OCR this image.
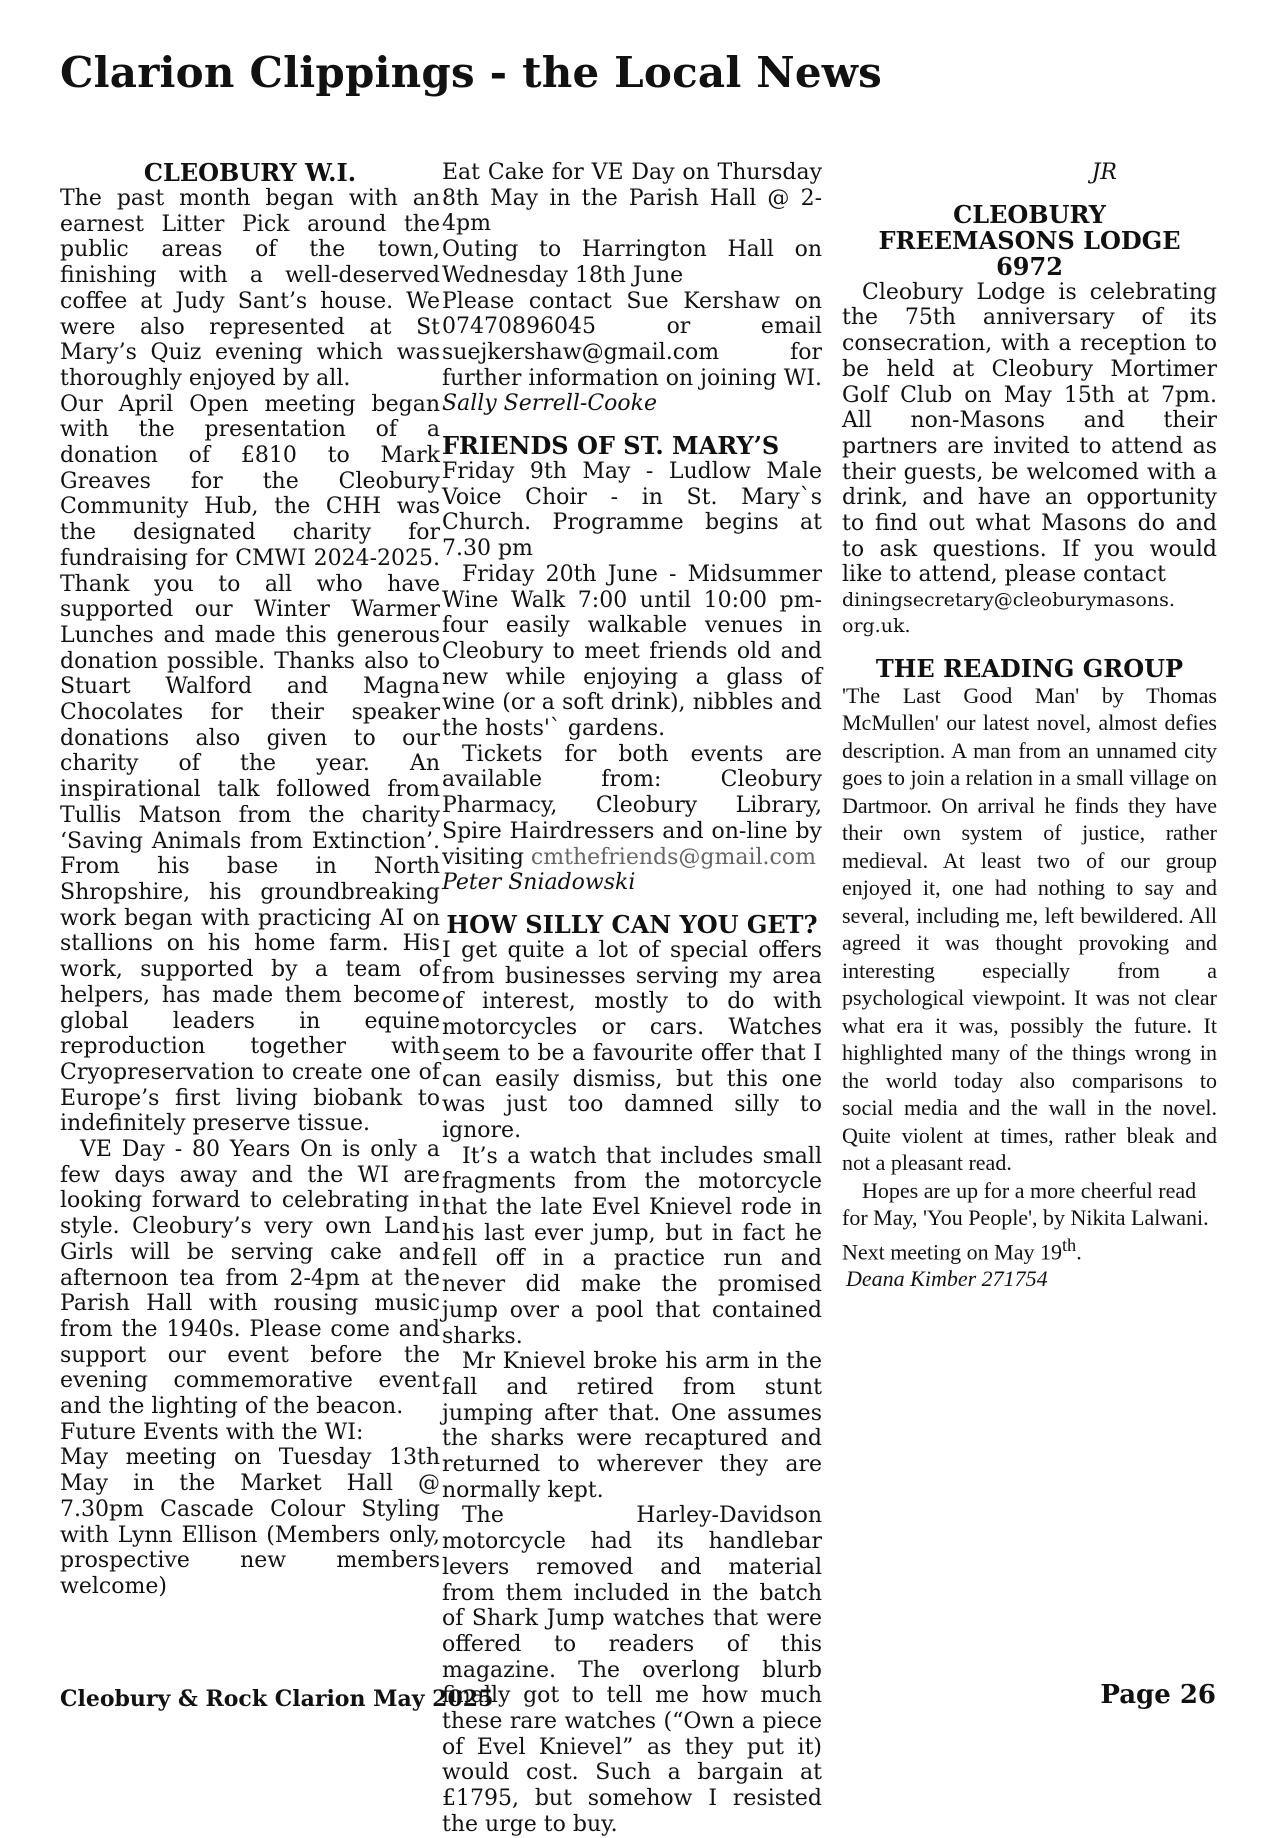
Clarion Clippings - the Local News
CLEOBURY W.I.

The past month began with an earnest Litter Pick around the public areas of the town, finishing with a well-deserved coffee at Judy Sant’s house. We were also represented at St Mary’s Quiz evening which was thoroughly enjoyed by all.

Our April Open meeting began with the presentation of a donation of £810 to Mark Greaves for the Cleobury Community Hub, the CHH was the designated charity for fundraising for CMWI 2024-2025. Thank you to all who have supported our Winter Warmer Lunches and made this generous donation possible. Thanks also to Stuart Walford and Magna Chocolates for their speaker donations also given to our charity of the year. An inspirational talk followed from Tullis Matson from the charity ‘Saving Animals from Extinction’. From his base in North Shropshire, his groundbreaking work began with practicing AI on stallions on his home farm. His work, supported by a team of helpers, has made them become global leaders in equine reproduction together with Cryopreservation to create one of Europe’s first living biobank to indefinitely preserve tissue.

VE Day - 80 Years On is only a few days away and the WI are looking forward to celebrating in style. Cleobury’s very own Land Girls will be serving cake and afternoon tea from 2-4pm at the Parish Hall with rousing music from the 1940s. Please come and support our event before the evening commemorative event and the lighting of the beacon.

Future Events with the WI:

May meeting on Tuesday 13th May in the Market Hall @ 7.30pm Cascade Colour Styling with Lynn Ellison (Members only, prospective new members welcome)

Eat Cake for VE Day on Thursday 8th May in the Parish Hall @ 2-4pm

Outing to Harrington Hall on Wednesday 18th June

Please contact Sue Kershaw on 07470896045 or email suejkershaw@gmail.com for further information on joining WI.

Sally Serrell-Cooke

FRIENDS OF ST. MARY’S

Friday 9th May - Ludlow Male Voice Choir - in St. Mary`s Church. Programme begins at 7.30 pm

Friday 20th June - Midsummer Wine Walk 7:00 until 10:00 pm- four easily walkable venues in Cleobury to meet friends old and new while enjoying a glass of wine (or a soft drink), nibbles and the hosts'` gardens.

Tickets for both events are available from: Cleobury Pharmacy, Cleobury Library, Spire Hairdressers and on-line by visiting cmthefriends@gmail.com

Peter Sniadowski

HOW SILLY CAN YOU GET?

I get quite a lot of special offers from businesses serving my area of interest, mostly to do with motorcycles or cars. Watches seem to be a favourite offer that I can easily dismiss, but this one was just too damned silly to ignore.

It’s a watch that includes small fragments from the motorcycle that the late Evel Knievel rode in his last ever jump, but in fact he fell off in a practice run and never did make the promised jump over a pool that contained sharks.

Mr Knievel broke his arm in the fall and retired from stunt jumping after that. One assumes the sharks were recaptured and returned to wherever they are normally kept.

The Harley-Davidson motorcycle had its handlebar levers removed and material from them included in the batch of Shark Jump watches that were offered to readers of this magazine. The overlong blurb finally got to tell me how much these rare watches (“Own a piece of Evel Knievel” as they put it) would cost. Such a bargain at £1795, but somehow I resisted the urge to buy.

JR

CLEOBURY
FREEMASONS LODGE
6972

Cleobury Lodge is celebrating the 75th anniversary of its consecration, with a reception to be held at Cleobury Mortimer Golf Club on May 15th at 7pm. All non-Masons and their partners are invited to attend as their guests, be welcomed with a drink, and have an opportunity to find out what Masons do and to ask questions. If you would like to attend, please contact

diningsecretary@cleoburymasons.

org.uk.

THE READING GROUP

'The Last Good Man' by Thomas McMullen' our latest novel, almost defies description. A man from an unnamed city goes to join a relation in a small village on Dartmoor. On arrival he finds they have their own system of justice, rather medieval. At least two of our group enjoyed it, one had nothing to say and several, including me, left bewildered. All agreed it was thought provoking and interesting especially from a psychological viewpoint. It was not clear what era it was, possibly the future. It highlighted many of the things wrong in the world today also comparisons to social media and the wall in the novel. Quite violent at times, rather bleak and not a pleasant read.

Hopes are up for a more cheerful read for May, 'You People', by Nikita Lalwani. Next meeting on May 19th.

Deana Kimber 271754

Cleobury & Rock Clarion May 2025	Page 26
